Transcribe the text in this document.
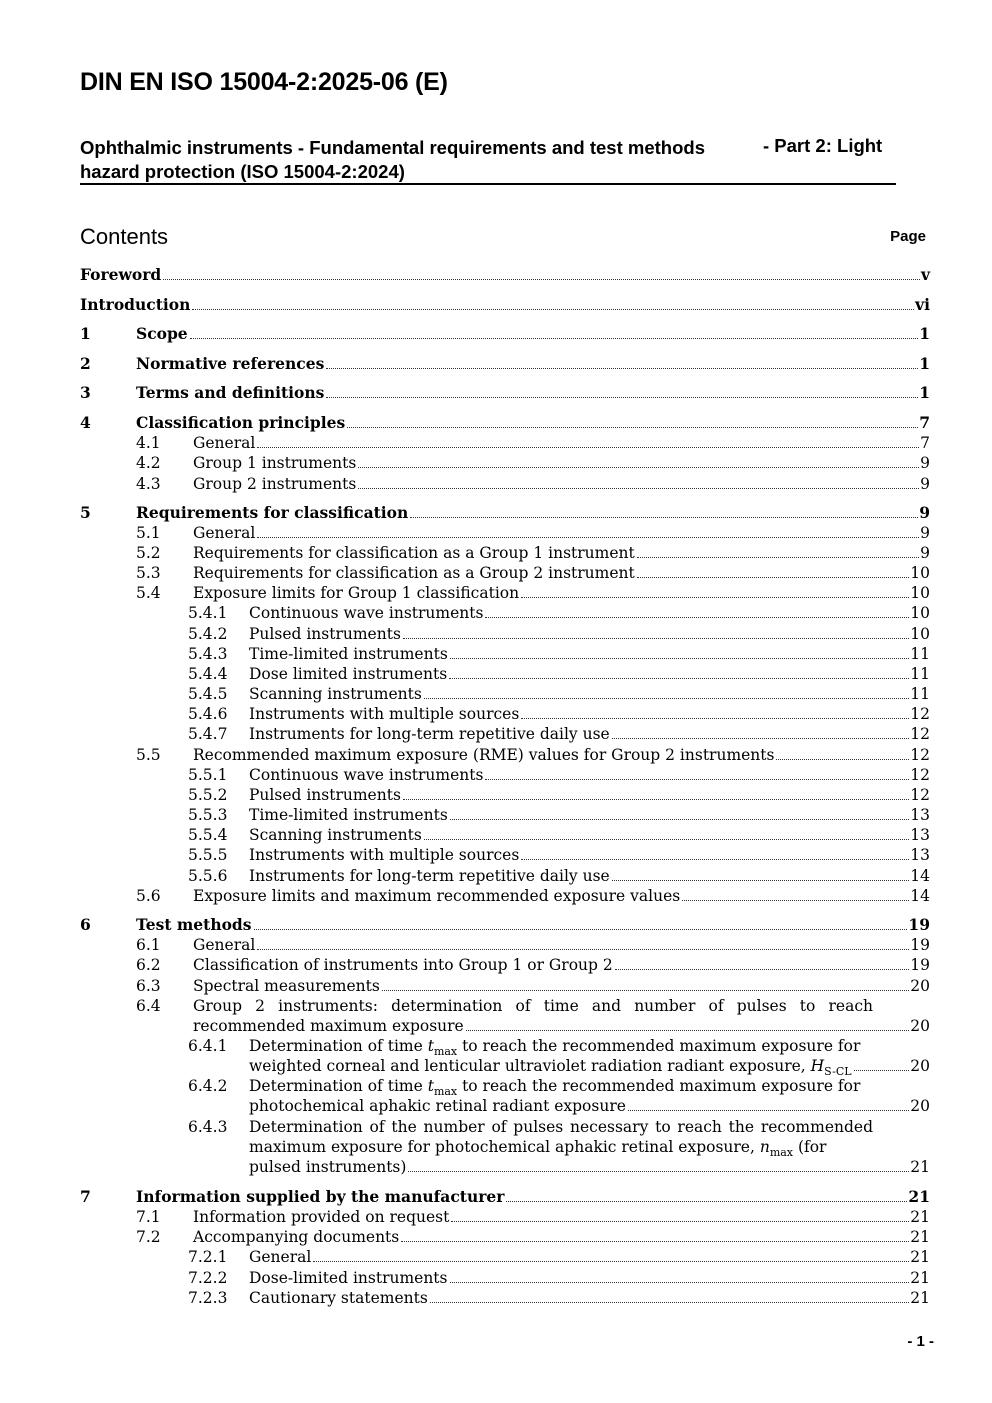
DIN EN ISO 15004-2:2025-06 (E)
Ophthalmic instruments - Fundamental requirements and test methods	- Part 2: Light
hazard protection (ISO 15004-2:2024)
Contents	Page
Foreword	v
Introduction	vi
1	Scope	1
2	Normative references	1
3	Terms and definitions	1
4	Classification principles	7
4.1 General	7
4.2 Group 1 instruments	9
4.3 Group 2 instruments	9
5	Requirements for classification	9
5.1 General	9
5.2 Requirements for classification as a Group 1 instrument	9
5.3 Requirements for classification as a Group 2 instrument	10
5.4 Exposure limits for Group 1 classification	10
5.4.1 Continuous wave instruments	10
5.4.2 Pulsed instruments	10
5.4.3 Time-limited instruments	11
5.4.4 Dose limited instruments	11
5.4.5 Scanning instruments	11
5.4.6 Instruments with multiple sources	12
5.4.7 Instruments for long-term repetitive daily use	12
5.5 Recommended maximum exposure (RME) values for Group 2 instruments	12
5.5.1 Continuous wave instruments	12
5.5.2 Pulsed instruments	12
5.5.3 Time-limited instruments	13
5.5.4 Scanning instruments	13
5.5.5 Instruments with multiple sources	13
5.5.6 Instruments for long-term repetitive daily use	14
5.6 Exposure limits and maximum recommended exposure values	14
6	Test methods	19
6.1 General	19
6.2 Classification of instruments into Group 1 or Group 2	19
6.3 Spectral measurements	20
6.4 Group 2 instruments: determination of time and number of pulses to reach
recommended maximum exposure	20
6.4.1 Determination of time $t_{max}$ to reach the recommended maximum exposure for
weighted corneal and lenticular ultraviolet radiation radiant exposure, $H_{S-CL}$	20
6.4.2 Determination of time $t_{max}$ to reach the recommended maximum exposure for
photochemical aphakic retinal radiant exposure	20
6.4.3 Determination of the number of pulses necessary to reach the recommended
maximum exposure for photochemical aphakic retinal exposure, $n_{max}$ (for
pulsed instruments)	21
7	Information supplied by the manufacturer	21
7.1 Information provided on request	21
7.2 Accompanying documents	21
7.2.1 General	21
7.2.2 Dose-limited instruments	21
7.2.3 Cautionary statements	21
- 1 -
